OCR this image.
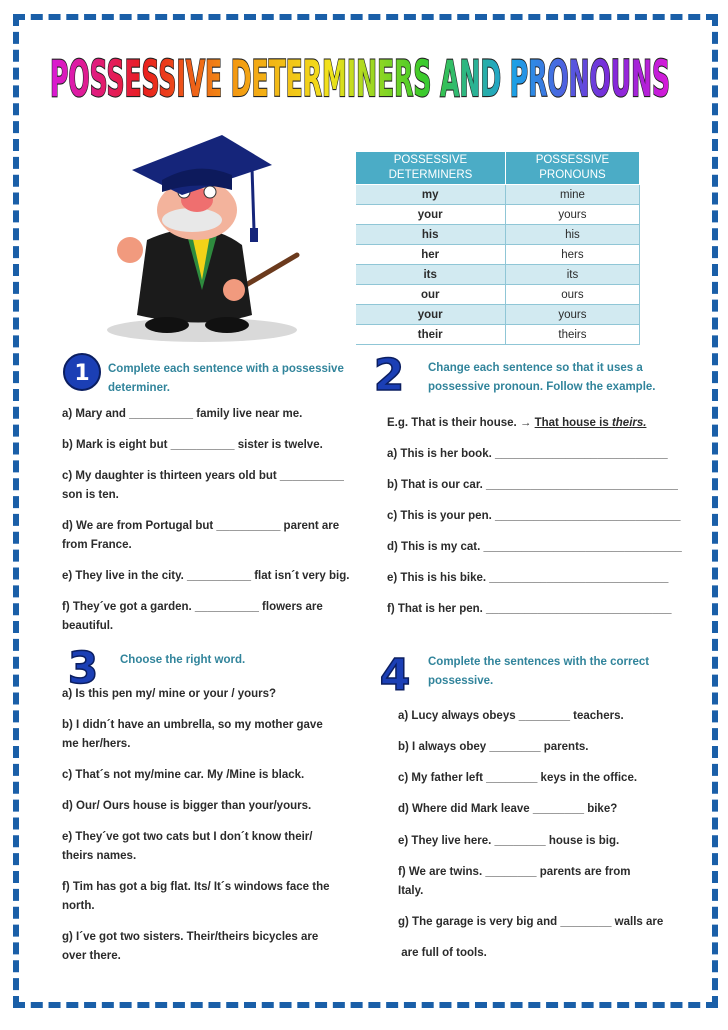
POSSESSIVE DETERMINERS AND PRONOUNS
POSSESSIVE DETERMINERS	POSSESSIVE PRONOUNS
my	mine
your	yours
his	his
her	hers
its	its
our	ours
your	yours
their	theirs
1 Complete each sentence with a possessive determiner.
a) Mary and __________ family live near me.
b) Mark is eight but __________ sister is twelve.
c) My daughter is thirteen years old but __________ son is ten.
d) We are from Portugal but __________ parent are from France.
e) They live in the city. __________ flat isn´t very big.
f) They´ve got a garden. __________ flowers are beautiful.
2 Change each sentence so that it uses a possessive pronoun. Follow the example.
E.g. That is their house. → That house is theirs.
a) This is her book. ___________________________
b) That is our car. ______________________________
c) This is your pen. _____________________________
d) This is my cat. _______________________________
e) This is his bike. ____________________________
f) That is her pen. _____________________________
3 Choose the right word.
a) Is this pen my/ mine or your / yours?
b) I didn´t have an umbrella, so my mother gave me her/hers.
c) That´s not my/mine car. My /Mine is black.
d) Our/ Ours house is bigger than your/yours.
e) They´ve got two cats but I don´t know their/ theirs names.
f) Tim has got a big flat. Its/ It´s windows face the north.
g) I´ve got two sisters. Their/theirs bicycles are over there.
4 Complete the sentences with the correct possessive.
a) Lucy always obeys ________ teachers.
b) I always obey ________ parents.
c) My father left ________ keys in the office.
d) Where did Mark leave ________ bike?
e) They live here. ________ house is big.
f) We are twins. ________ parents are from Italy.
g) The garage is very big and ________ walls are
are full of tools.
